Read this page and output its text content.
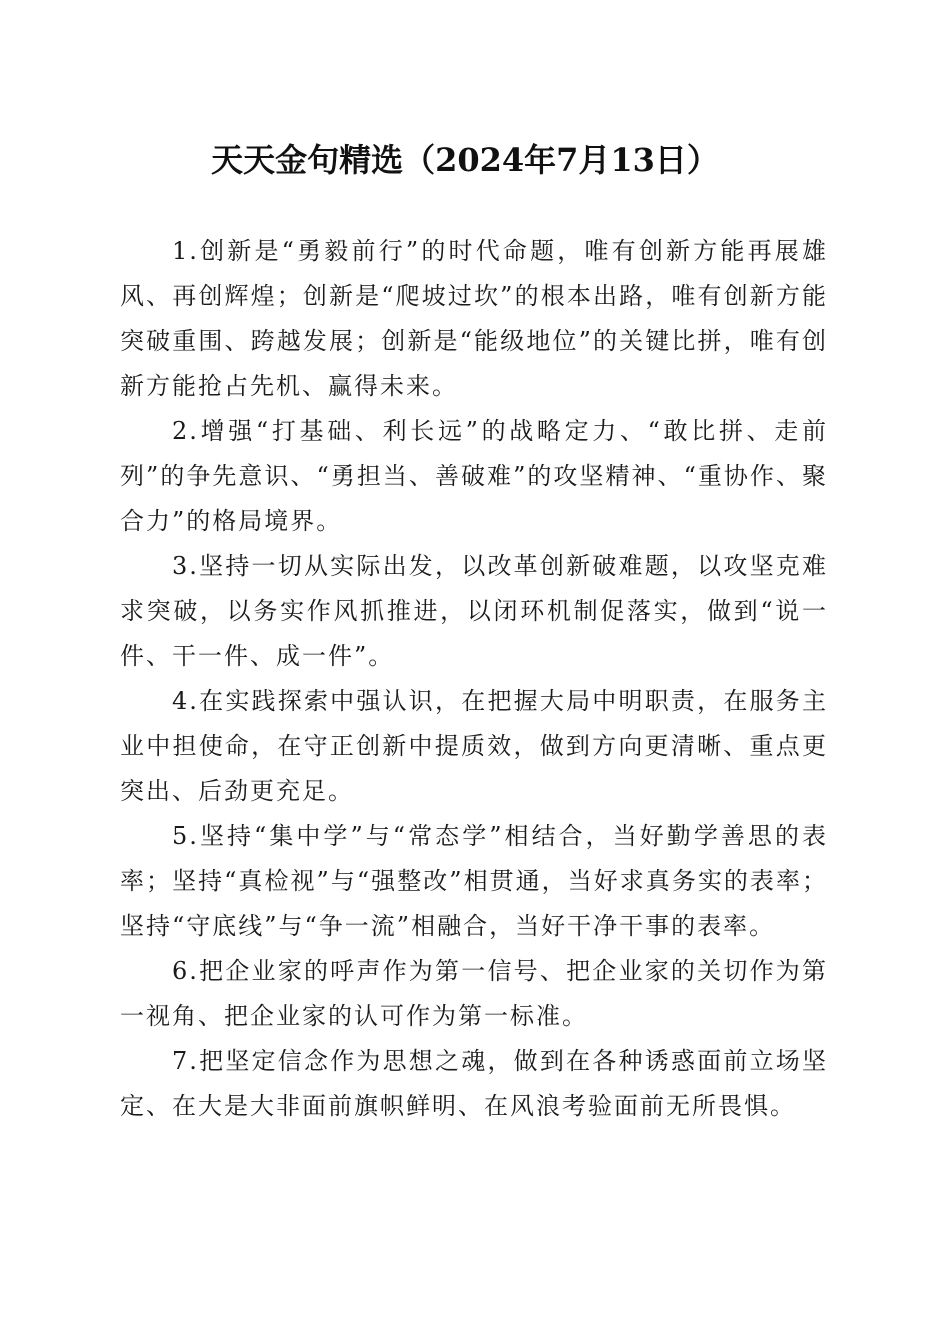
天天金句精选（2024年7月13日）

1.创新是“勇毅前行”的时代命题，唯有创新方能再展雄风、再创辉煌；创新是“爬坡过坎”的根本出路，唯有创新方能突破重围、跨越发展；创新是“能级地位”的关键比拼，唯有创新方能抢占先机、赢得未来。

2.增强“打基础、利长远”的战略定力、“敢比拼、走前列”的争先意识、“勇担当、善破难”的攻坚精神、“重协作、聚合力”的格局境界。

3.坚持一切从实际出发，以改革创新破难题，以攻坚克难求突破，以务实作风抓推进，以闭环机制促落实，做到“说一件、干一件、成一件”。

4.在实践探索中强认识，在把握大局中明职责，在服务主业中担使命，在守正创新中提质效，做到方向更清晰、重点更突出、后劲更充足。

5.坚持“集中学”与“常态学”相结合，当好勤学善思的表率；坚持“真检视”与“强整改”相贯通，当好求真务实的表率；坚持“守底线”与“争一流”相融合，当好干净干事的表率。

6.把企业家的呼声作为第一信号、把企业家的关切作为第一视角、把企业家的认可作为第一标准。

7.把坚定信念作为思想之魂，做到在各种诱惑面前立场坚定、在大是大非面前旗帜鲜明、在风浪考验面前无所畏惧。
